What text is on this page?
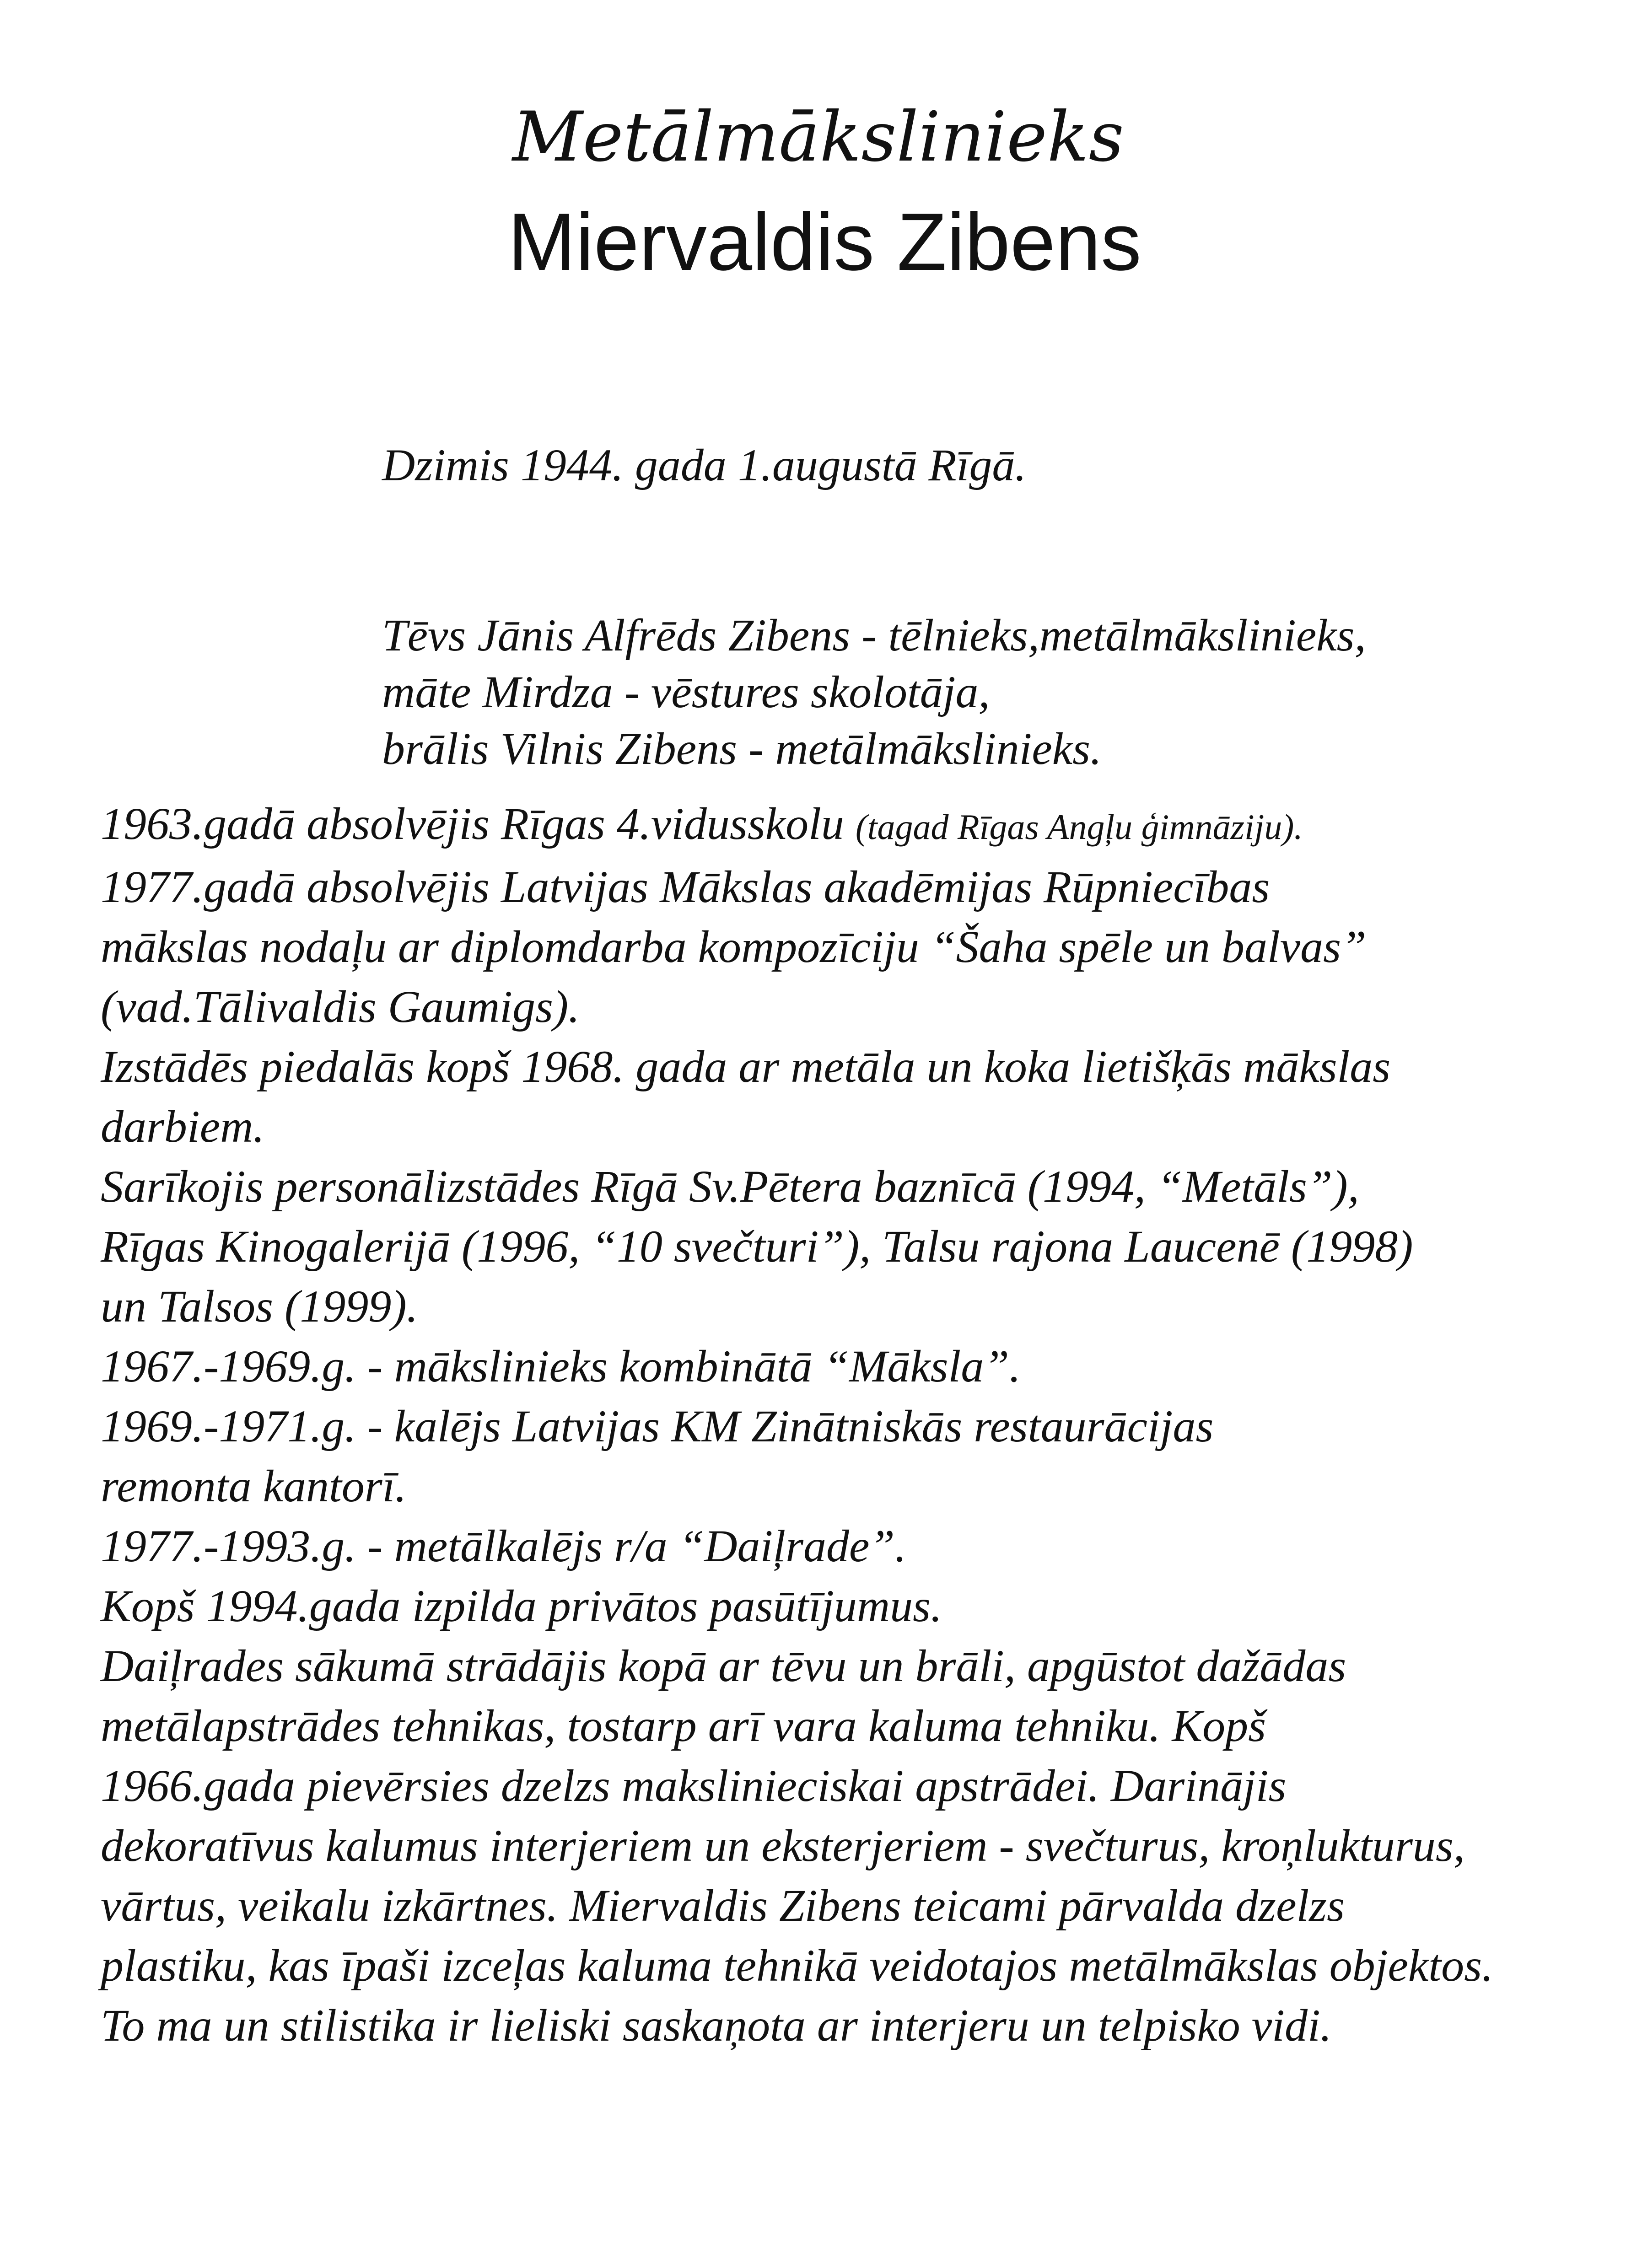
Metālmākslinieks
Miervaldis Zibens
Dzimis 1944. gada 1.augustā Rīgā.
Tēvs Jānis Alfrēds Zibens - tēlnieks,metālmākslinieks,
māte Mirdza - vēstures skolotāja,
brālis Vilnis Zibens - metālmākslinieks.
1963.gadā absolvējis Rīgas 4.vidusskolu (tagad Rīgas Angļu ģimnāziju).
1977.gadā absolvējis Latvijas Mākslas akadēmijas Rūpniecības
mākslas nodaļu ar diplomdarba kompozīciju “Šaha spēle un balvas”
(vad.Tālivaldis Gaumigs).
Izstādēs piedalās kopš 1968. gada ar metāla un koka lietišķās mākslas
darbiem.
Sarīkojis personālizstādes Rīgā Sv.Pētera baznīcā (1994, “Metāls”),
Rīgas Kinogalerijā (1996, “10 svečturi”), Talsu rajona Laucenē (1998)
un Talsos (1999).
1967.-1969.g. - mākslinieks kombinātā “Māksla”.
1969.-1971.g. - kalējs Latvijas KM Zinātniskās restaurācijas
remonta kantorī.
1977.-1993.g. - metālkalējs r/a “Daiļrade”.
Kopš 1994.gada izpilda privātos pasūtījumus.
Daiļrades sākumā strādājis kopā ar tēvu un brāli, apgūstot dažādas
metālapstrādes tehnikas, tostarp arī vara kaluma tehniku. Kopš
1966.gada pievērsies dzelzs makslinieciskai apstrādei. Darinājis
dekoratīvus kalumus interjeriem un eksterjeriem - svečturus, kroņlukturus,
vārtus, veikalu izkārtnes. Miervaldis Zibens teicami pārvalda dzelzs
plastiku, kas īpaši izceļas kaluma tehnikā veidotajos metālmākslas objektos.
To ma un stilistika ir lieliski saskaņota ar interjeru un telpisko vidi.
